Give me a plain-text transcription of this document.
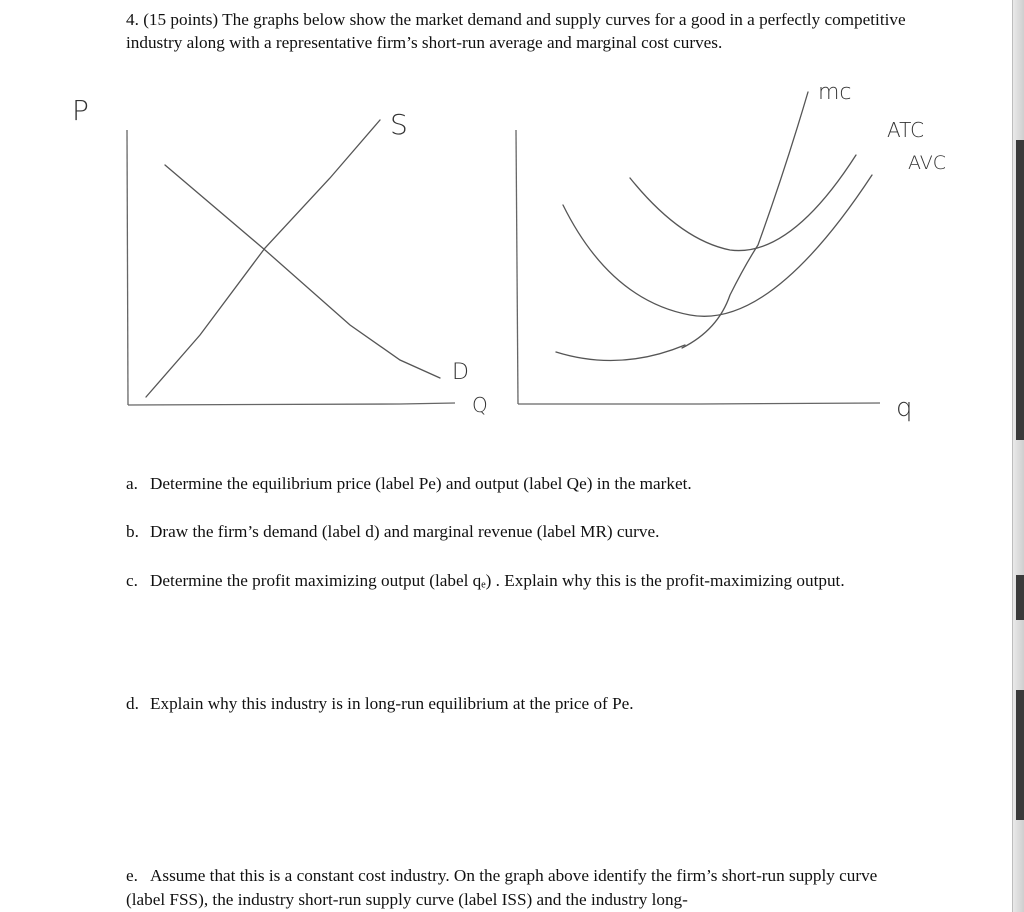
4. (15 points) The graphs below show the market demand and supply curves for a good in a perfectly competitive industry along with a representative firm’s short-run average and marginal cost curves.
P	S
D
Q
mc
ATC
AVC
q
a. Determine the equilibrium price (label Pe) and output (label Qe) in the market.
b. Draw the firm’s demand (label d) and marginal revenue (label MR) curve.
c. Determine the profit maximizing output (label qₑ) . Explain why this is the profit-maximizing output.
d. Explain why this industry is in long-run equilibrium at the price of Pe.
e. Assume that this is a constant cost industry. On the graph above identify the firm’s short-run supply curve (label FSS), the industry short-run supply curve (label ISS) and the industry long-
